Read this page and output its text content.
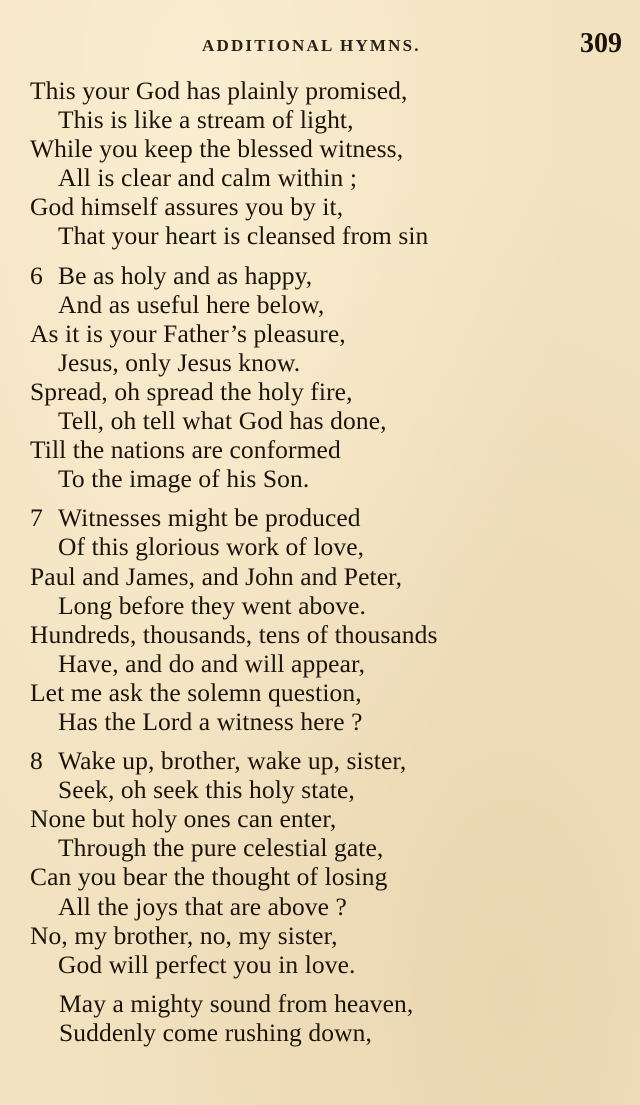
ADDITIONAL HYMNS.	309
This your God has plainly promised,
This is like a stream of light,
While you keep the blessed witness,
All is clear and calm within ;
God himself assures you by it,
That your heart is cleansed from sin
6 Be as holy and as happy,
And as useful here below,
As it is your Father’s pleasure,
Jesus, only Jesus know.
Spread, oh spread the holy fire,
Tell, oh tell what God has done,
Till the nations are conformed
To the image of his Son.
7 Witnesses might be produced
Of this glorious work of love,
Paul and James, and John and Peter,
Long before they went above.
Hundreds, thousands, tens of thousands
Have, and do and will appear,
Let me ask the solemn question,
Has the Lord a witness here ?
8 Wake up, brother, wake up, sister,
Seek, oh seek this holy state,
None but holy ones can enter,
Through the pure celestial gate,
Can you bear the thought of losing
All the joys that are above ?
No, my brother, no, my sister,
God will perfect you in love.
May a mighty sound from heaven,
Suddenly come rushing down,
